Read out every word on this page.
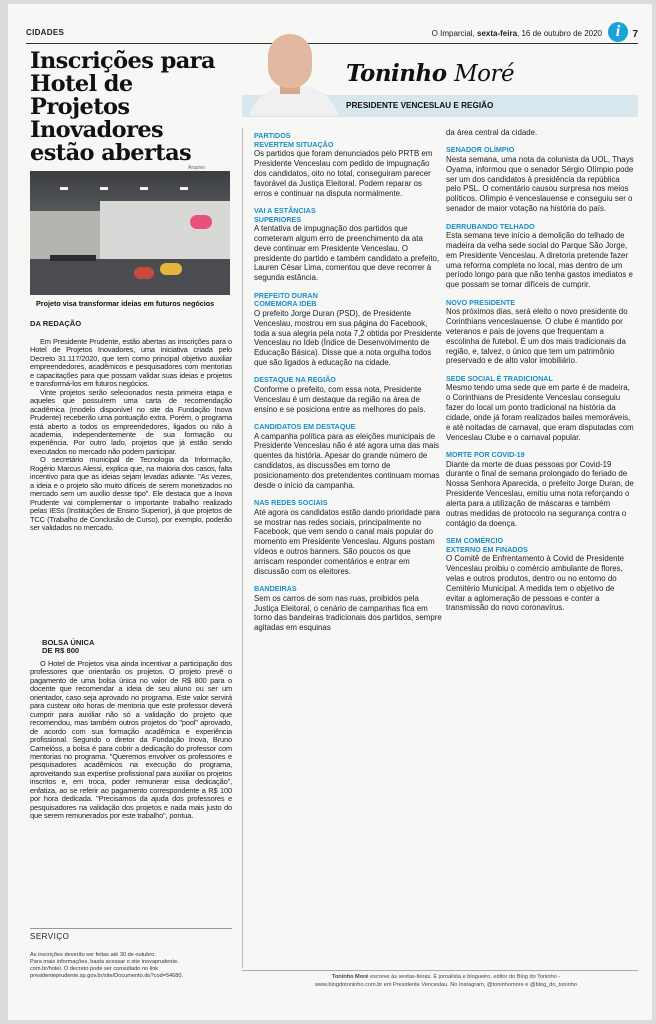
CIDADES	O Imparcial, sexta-feira, 16 de outubro de 2020 i	7
Inscrições para Hotel de Projetos Inovadores estão abertas
Arquivo
Projeto visa transformar ideias em futuros negócios
DA REDAÇÃO

Em Presidente Prudente, estão abertas as inscrições para o Hotel de Projetos Inovadores, uma iniciativa criada pelo Decreto 31.117/2020, que tem como principal objetivo auxiliar empreendedores, acadêmicos e pesquisadores com mentorias e capacitações para que possam validar suas ideias e projetos e transformá-los em futuros negócios.

Vinte projetos serão selecionados nesta primeira etapa e aqueles que possuírem uma carta de recomendação acadêmica (modelo disponível no site da Fundação Inova Prudente) receberão uma pontuação extra. Porém, o programa está aberto a todos os empreendedores, ligados ou não à academia, independentemente de sua formação ou experiência. Por outro lado, projetos que já estão sendo executados no mercado não podem participar.

O secretário municipal de Tecnologia da Informação, Rogério Marcus Alessi, explica que, na maioria dos casos, falta incentivo para que as ideias sejam levadas adiante. "As vezes, a ideia e o projeto são muito difíceis de serem monetizados no mercado sem um auxílio desse tipo". Ele destaca que a Inova Prudente vai complementar o importante trabalho realizado pelas IESs (Instituições de Ensino Superior), já que projetos de TCC (Trabalho de Conclusão de Curso), por exemplo, poderão ser validados no mercado.

BOLSA ÚNICA
DE R$ 800

O Hotel de Projetos visa ainda incentivar a participação dos professores que orientarão os projetos. O projeto prevê o pagamento de uma bolsa única no valor de R$ 800 para o docente que recomendar a ideia de seu aluno ou ser um orientador, caso seja aprovado no programa. Este valor servirá para custear oito horas de mentoria que este professor deverá cumprir para auxiliar não só a validação do projeto que recomendou, mas também outros projetos do "pool" aprovado, de acordo com sua formação acadêmica e experiência profissional. Segundo o diretor da Fundação Inova, Bruno Carnelóss, a bolsa é para cobrir a dedicação do professor com mentorias no programa. "Queremos envolver os professores e pesquisadores acadêmicos na execução do programa, aproveitando sua expertise profissional para auxiliar os projetos inscritos e, em troca, poder remunerar essa dedicação", enfatiza, ao se referir ao pagamento correspondente a R$ 100 por hora dedicada. "Precisamos da ajuda dos professores e pesquisadores na validação dos projetos e nada mais justo do que serem remunerados por este trabalho", pontua.

SERVIÇO
As inscrições deverão ser feitas até 30 de outubro.
Para mais informações, basta acessar o site inovaprudente.
com.br/hotel. O decreto pode ser consultado no link
presidenteprudente.sp.gov.br/site/Documento.do?cod=54680.
Toninho Moré
PRESIDENTE VENCESLAU E REGIÃO
PARTIDOS
REVERTEM SITUAÇÃO

Os partidos que foram denunciados pelo PRTB em Presidente Venceslau com pedido de impugnação dos candidatos, oito no total, conseguiram parecer favorável da Justiça Eleitoral. Podem reparar os erros e continuar na disputa normalmente.

VAI A ESTÂNCIAS
SUPERIORES

A tentativa de impugnação dos partidos que cometeram algum erro de preenchimento da ata deve continuar em Presidente Venceslau. O presidente do partido e também candidato a prefeito, Lauren César Lima, comentou que deve recorrer à segunda estância.

PREFEITO DURAN
COMEMORA IDEB

O prefeito Jorge Duran (PSD), de Presidente Venceslau, mostrou em sua página do Facebook, toda a sua alegria pela nota 7,2 obtida por Presidente Venceslau no Ideb (Índice de Desenvolvimento de Educação Básica). Disse que a nota orgulha todos que são ligados à educação na cidade.

DESTAQUE NA REGIÃO

Conforme o prefeito, com essa nota, Presidente Venceslau é um destaque da região na área de ensino e se posiciona entre as melhores do país.

CANDIDATOS EM DESTAQUE

A campanha política para as eleições municipais de Presidente Venceslau não é até agora uma das mais quentes da história. Apesar do grande número de candidatos, as discussões em torno de posicionamento dos pretendentes continuam mornas desde o início da campanha.

NAS REDES SOCIAIS

Até agora os candidatos estão dando prioridade para se mostrar nas redes sociais, principalmente no Facebook, que vem sendo o canal mais popular do momento em Presidente Venceslau. Alguns postam vídeos e outros banners. São poucos os que arriscam responder comentários e entrar em discussão com os eleitores.

BANDEIRAS

Sem os carros de som nas ruas, proibidos pela Justiça Eleitoral, o cenário de campanhas fica em torno das bandeiras tradicionais dos partidos, sempre agitadas em esquinas

da área central da cidade.

SENADOR OLÍMPIO

Nesta semana, uma nota da colunista da UOL, Thays Oyama, informou que o senador Sérgio Olímpio pode ser um dos candidatos à presidência da república pelo PSL. O comentário causou surpresa nos meios políticos. Olímpio é venceslauense e conseguiu ser o senador de maior votação na história do país.

DERRUBANDO TELHADO

Esta semana teve início a demolição do telhado de madeira da velha sede social do Parque São Jorge, em Presidente Venceslau. A diretoria pretende fazer uma reforma completa no local, mas dentro de um período longo para que não tenha gastos imediatos e que possam se tornar difíceis de cumprir.

NOVO PRESIDENTE

Nos próximos dias, será eleito o novo presidente do Corinthians venceslauense. O clube é mantido por veteranos e pais de jovens que frequentam a escolinha de futebol. É um dos mais tradicionais da região, e, talvez, o único que tem um patrimônio preservado e de alto valor imobiliário.

SEDE SOCIAL É TRADICIONAL

Mesmo tendo uma sede que em parte é de madeira, o Corinthians de Presidente Venceslau conseguiu fazer do local um ponto tradicional na história da cidade, onde já foram realizados bailes memoráveis, e até noitadas de carnaval, que eram disputadas com Venceslau Clube e o carnaval popular.

MORTE POR COVID-19

Diante da morte de duas pessoas por Covid-19 durante o final de semana prolongado do feriado de Nossa Senhora Aparecida, o prefeito Jorge Duran, de Presidente Venceslau, emitiu uma nota reforçando o alerta para a utilização de máscaras e também outras medidas de protocolo na segurança contra o contágio da doença.

SEM COMÉRCIO
EXTERNO EM FINADOS

O Comitê de Enfrentamento à Covid de Presidente Venceslau proibiu o comércio ambulante de flores, velas e outros produtos, dentro ou no entorno do Cemitério Municipal. A medida tem o objetivo de evitar a aglomeração de pessoas e conter a transmissão do novo coronavírus.

Toninho Moré escreve às sextas-feiras. É jornalista e blogueiro, editor do Blog do Toninho -
www.blogdotoninho.com.br em Presidente Venceslau. No Instagram, @toninhomore e @blog_do_toninho
